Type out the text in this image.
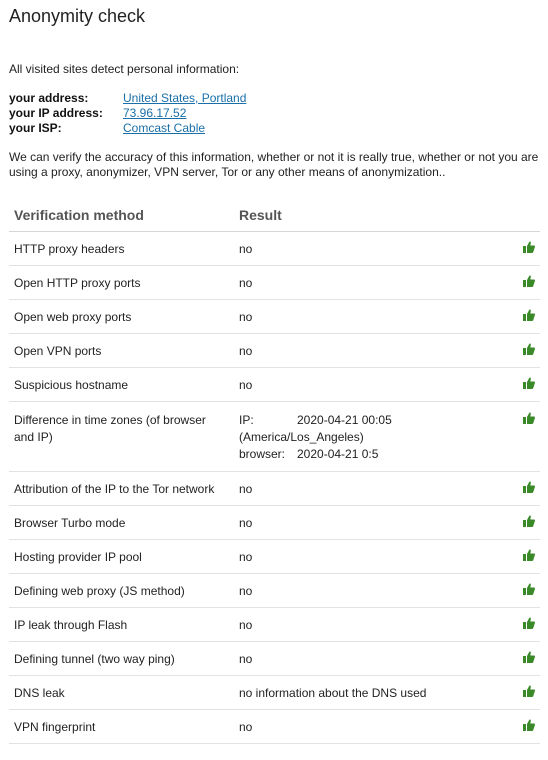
Anonymity check
All visited sites detect personal information:
your address:	United States, Portland
your IP address:	73.96.17.52
your ISP:	Comcast Cable
We can verify the accuracy of this information, whether or not it is really true, whether or not you are using a proxy, anonymizer, VPN server, Tor or any other means of anonymization..
Verification method	Result	
HTTP proxy headers	no	
Open HTTP proxy ports	no	
Open web proxy ports	no	
Open VPN ports	no	
Suspicious hostname	no	
Difference in time zones (of browser and IP)	IP: 2020-04-21 00:05
(America/Los_Angeles)
browser: 2020-04-21 0:5

Attribution of the IP to the Tor network	no	
Browser Turbo mode	no	
Hosting provider IP pool	no	
Defining web proxy (JS method)	no	
IP leak through Flash	no	
Defining tunnel (two way ping)	no	
DNS leak	no information about the DNS used	
VPN fingerprint	no	
